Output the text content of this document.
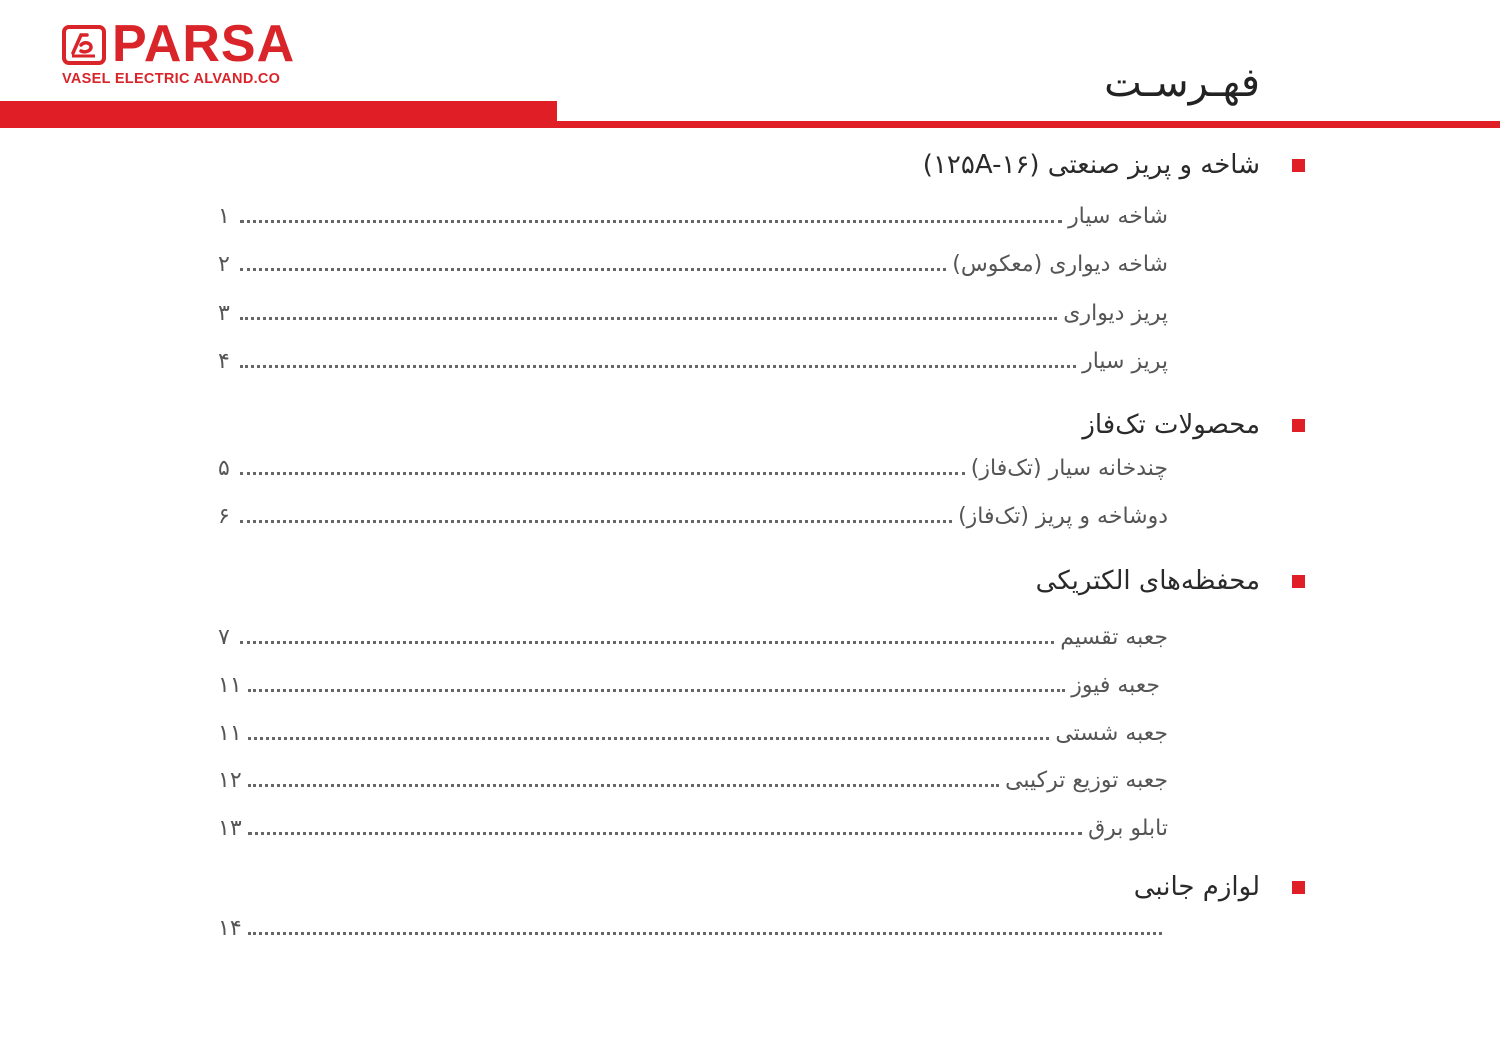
PARSA
VASEL ELECTRIC ALVAND.CO	فهـرسـت
شاخه و پریز صنعتی (۱۲۵A-۱۶)
شاخه سیار
۱
شاخه دیواری (معکوس)
۲
پریز دیواری
۳
پریز سیار
۴
محصولات تک‌فاز
چندخانه سیار (تک‌فاز)
۵
دوشاخه و پریز (تک‌فاز)
۶
محفظه‌های الکتریکی
جعبه تقسیم
۷
جعبه فیوز
۱۱
جعبه شستی
۱۱
جعبه توزیع ترکیبی
۱۲
تابلو برق
۱۳
لوازم جانبی
۱۴
